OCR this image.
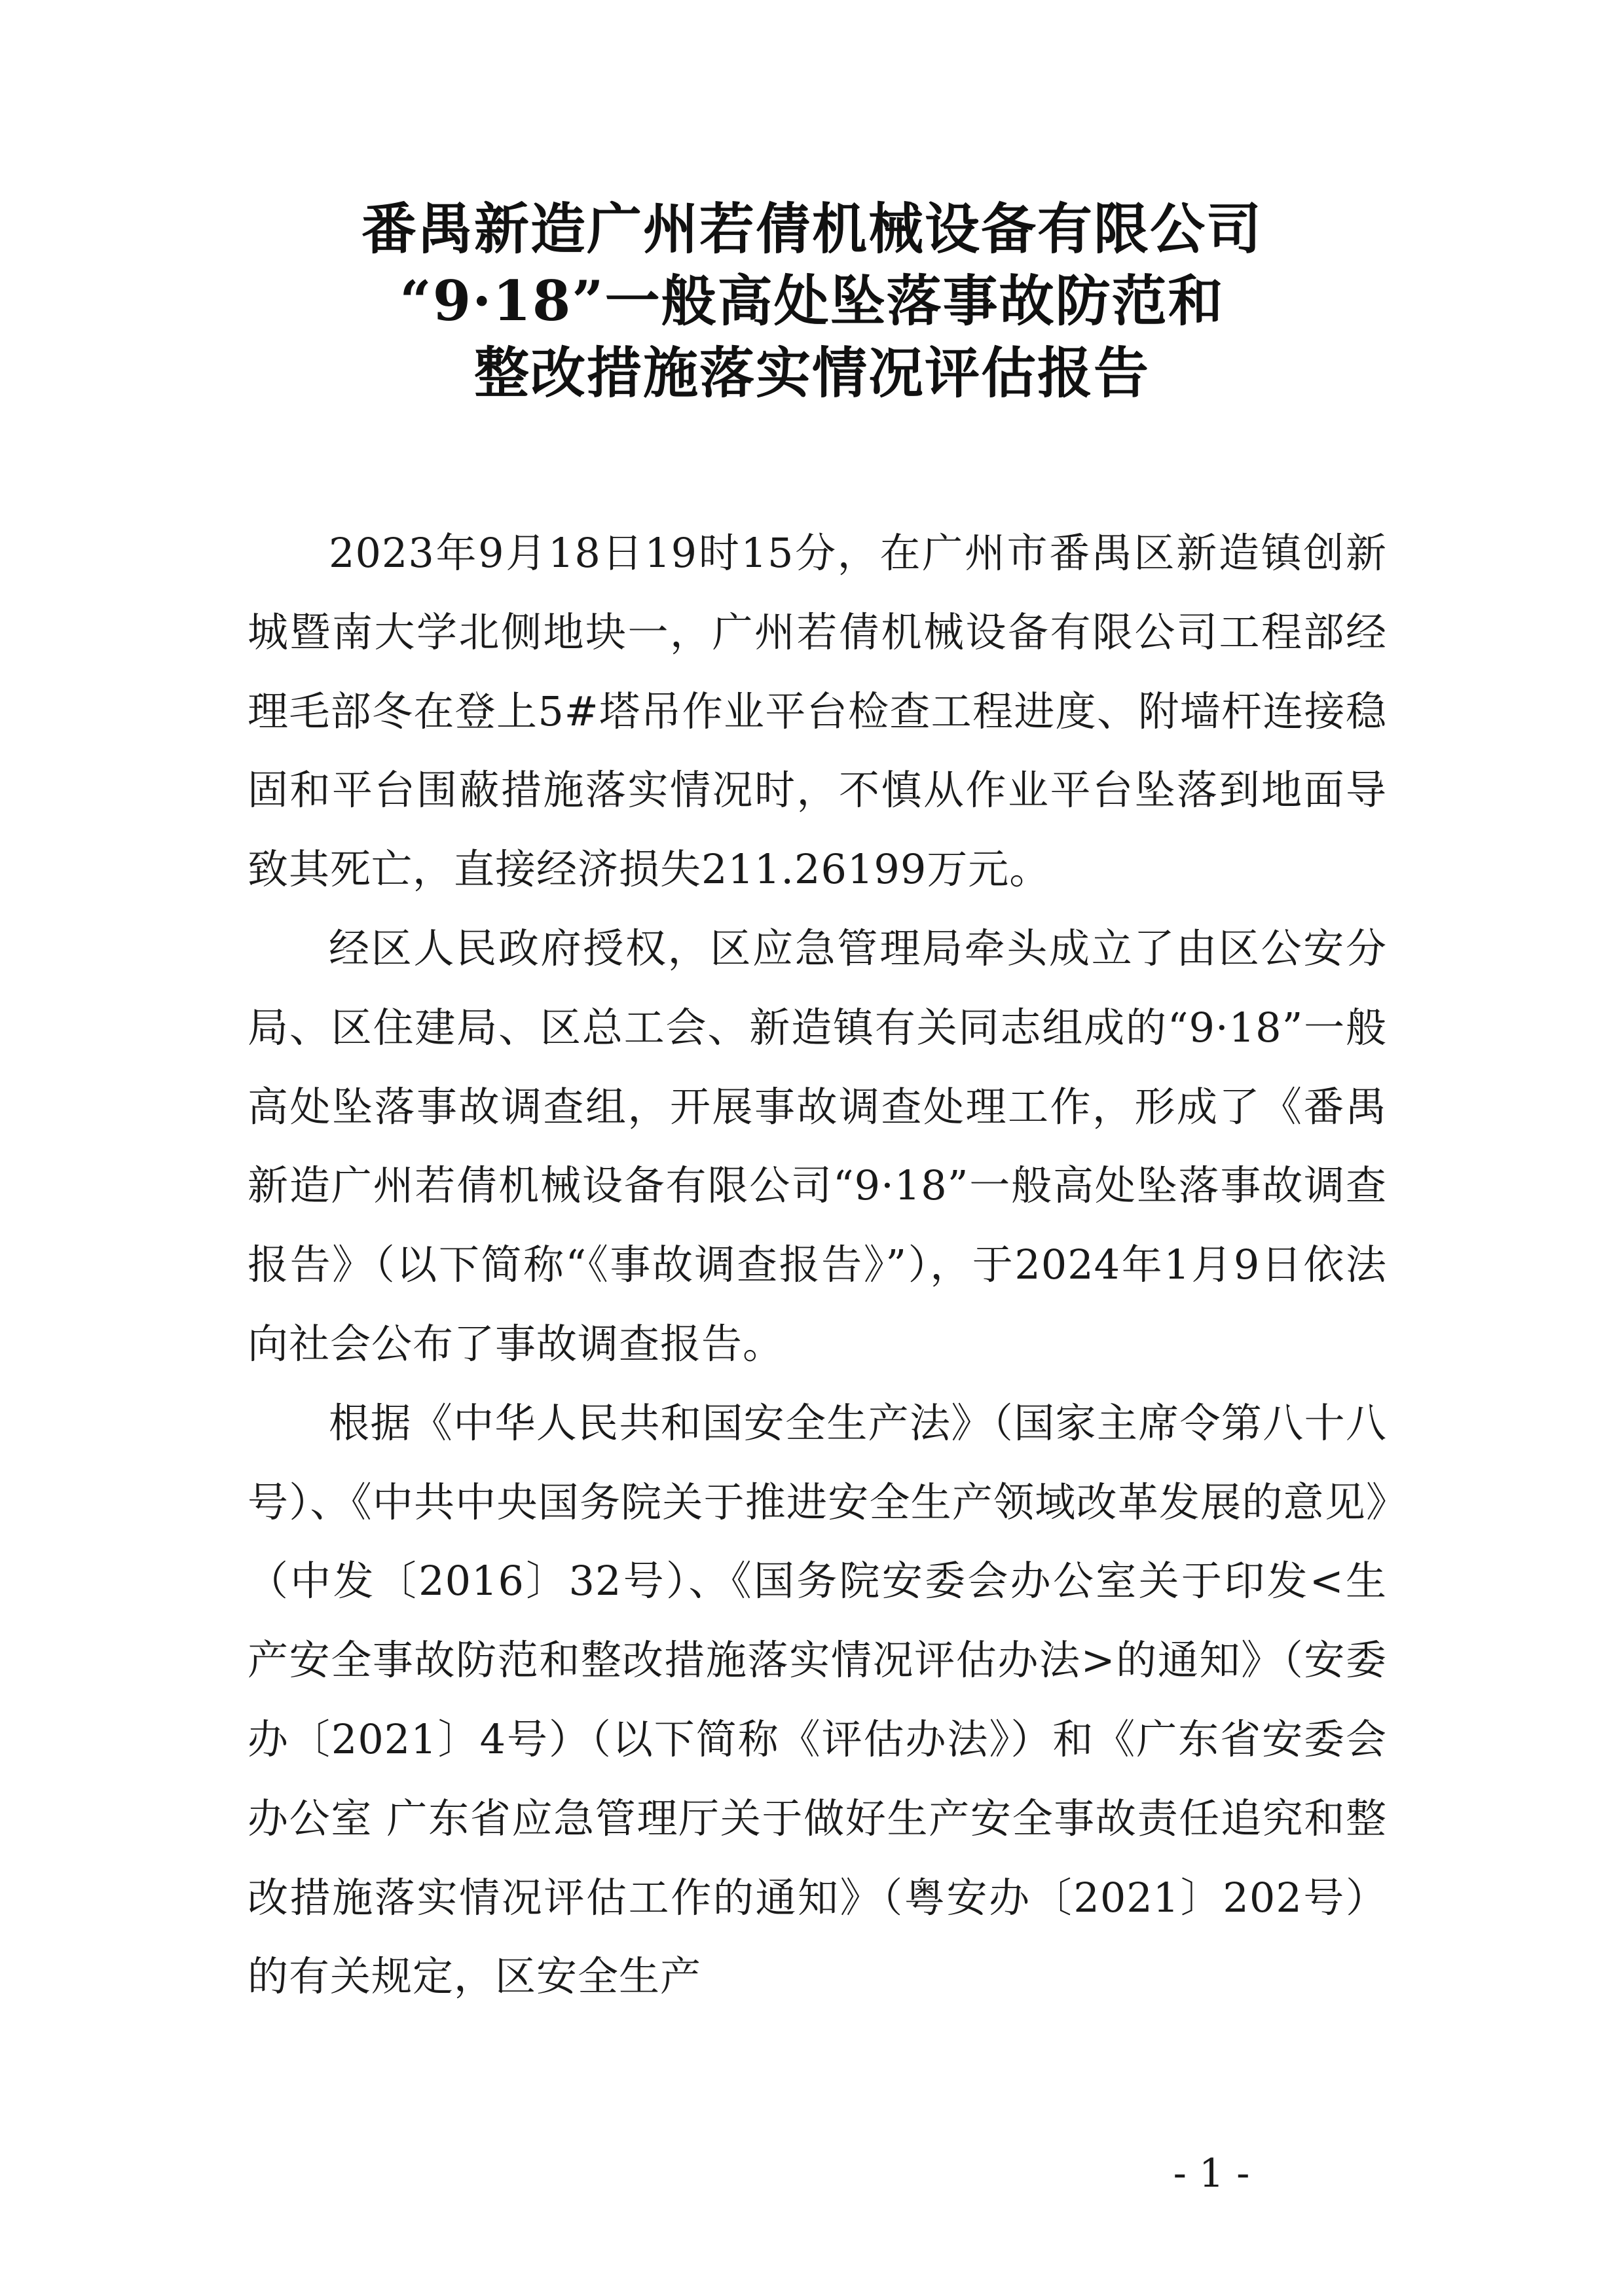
番禺新造广州若倩机械设备有限公司
“9·18”一般高处坠落事故防范和
整改措施落实情况评估报告

2023年9月18日19时15分，在广州市番禺区新造镇创新城暨南大学北侧地块一，广州若倩机械设备有限公司工程部经理毛部冬在登上5#塔吊作业平台检查工程进度、附墙杆连接稳固和平台围蔽措施落实情况时，不慎从作业平台坠落到地面导致其死亡，直接经济损失211.26199万元。

经区人民政府授权，区应急管理局牵头成立了由区公安分局、区住建局、区总工会、新造镇有关同志组成的“9·18”一般高处坠落事故调查组，开展事故调查处理工作，形成了《番禺新造广州若倩机械设备有限公司“9·18”一般高处坠落事故调查报告》（以下简称“《事故调查报告》”），于2024年1月9日依法向社会公布了事故调查报告。

根据《中华人民共和国安全生产法》（国家主席令第八十八号）、《中共中央国务院关于推进安全生产领域改革发展的意见》（中发〔2016〕32号）、《国务院安委会办公室关于印发<生产安全事故防范和整改措施落实情况评估办法>的通知》（安委办〔2021〕4号）（以下简称《评估办法》）和《广东省安委会办公室 广东省应急管理厅关于做好生产安全事故责任追究和整改措施落实情况评估工作的通知》（粤安办〔2021〕202号）的有关规定，区安全生产

- 1 -
